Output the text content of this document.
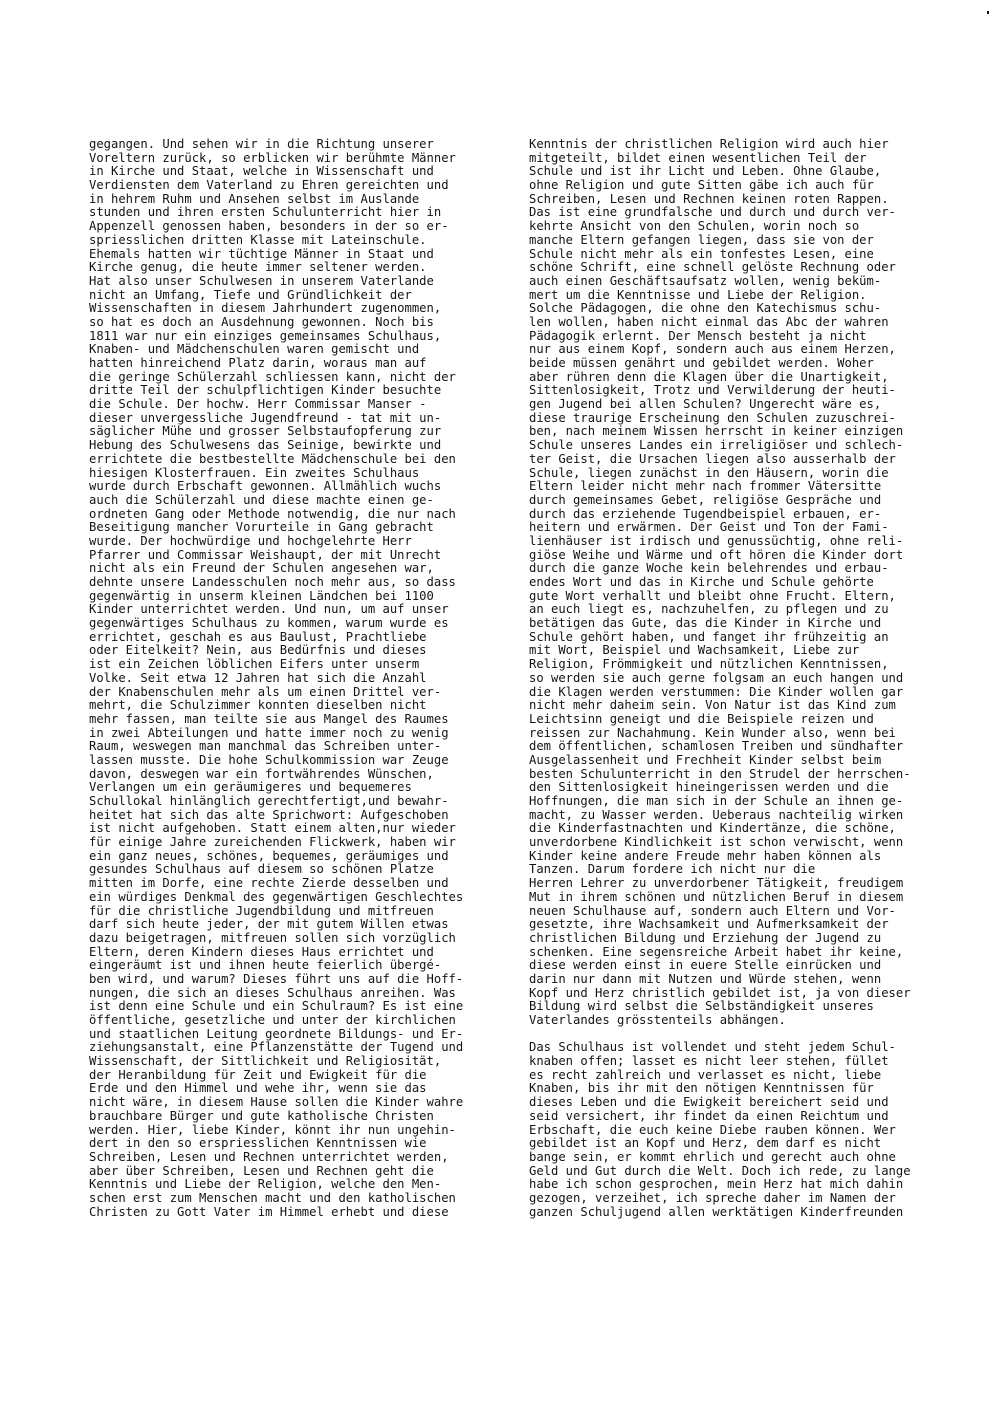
gegangen. Und sehen wir in die Richtung unserer
Voreltern zurück, so erblicken wir berühmte Männer
in Kirche und Staat, welche in Wissenschaft und
Verdiensten dem Vaterland zu Ehren gereichten und
in hehrem Ruhm und Ansehen selbst im Auslande
stunden und ihren ersten Schulunterricht hier in
Appenzell genossen haben, besonders in der so er-
spriesslichen dritten Klasse mit Lateinschule.
Ehemals hatten wir tüchtige Männer in Staat und
Kirche genug, die heute immer seltener werden.
Hat also unser Schulwesen in unserem Vaterlande
nicht an Umfang, Tiefe und Gründlichkeit der
Wissenschaften in diesem Jahrhundert zugenommen,
so hat es doch an Ausdehnung gewonnen. Noch bis
1811 war nur ein einziges gemeinsames Schulhaus,
Knaben- und Mädchenschulen waren gemischt und
hatten hinreichend Platz darin, woraus man auf
die geringe Schülerzahl schliessen kann, nicht der
dritte Teil der schulpflichtigen Kinder besuchte
die Schule. Der hochw. Herr Commissar Manser -
dieser unvergessliche Jugendfreund - tat mit un-
säglicher Mühe und grosser Selbstaufopferung zur
Hebung des Schulwesens das Seinige, bewirkte und
errichtete die bestbestellte Mädchenschule bei den
hiesigen Klosterfrauen. Ein zweites Schulhaus
wurde durch Erbschaft gewonnen. Allmählich wuchs
auch die Schülerzahl und diese machte einen ge-
ordneten Gang oder Methode notwendig, die nur nach
Beseitigung mancher Vorurteile in Gang gebracht
wurde. Der hochwürdige und hochgelehrte Herr
Pfarrer und Commissar Weishaupt, der mit Unrecht
nicht als ein Freund der Schulen angesehen war,
dehnte unsere Landesschulen noch mehr aus, so dass
gegenwärtig in unserm kleinen Ländchen bei 1100
Kinder unterrichtet werden. Und nun, um auf unser
gegenwärtiges Schulhaus zu kommen, warum wurde es
errichtet, geschah es aus Baulust, Prachtliebe
oder Eitelkeit? Nein, aus Bedürfnis und dieses
ist ein Zeichen löblichen Eifers unter unserm
Volke. Seit etwa 12 Jahren hat sich die Anzahl
der Knabenschulen mehr als um einen Drittel ver-
mehrt, die Schulzimmer konnten dieselben nicht
mehr fassen, man teilte sie aus Mangel des Raumes
in zwei Abteilungen und hatte immer noch zu wenig
Raum, weswegen man manchmal das Schreiben unter-
lassen musste. Die hohe Schulkommission war Zeuge
davon, deswegen war ein fortwährendes Wünschen,
Verlangen um ein geräumigeres und bequemeres
Schullokal hinlänglich gerechtfertigt,und bewahr-
heitet hat sich das alte Sprichwort: Aufgeschoben
ist nicht aufgehoben. Statt einem alten,nur wieder
für einige Jahre zureichenden Flickwerk, haben wir
ein ganz neues, schönes, bequemes, geräumiges und
gesundes Schulhaus auf diesem so schönen Platze
mitten im Dorfe, eine rechte Zierde desselben und
ein würdiges Denkmal des gegenwärtigen Geschlechtes
für die christliche Jugendbildung und mitfreuen
darf sich heute jeder, der mit gutem Willen etwas
dazu beigetragen, mitfreuen sollen sich vorzüglich
Eltern, deren Kindern dieses Haus errichtet und
eingeräumt ist und ihnen heute feierlich übergé-
ben wird, und warum? Dieses führt uns auf die Hoff-
nungen, die sich an dieses Schulhaus anreihen. Was
ist denn eine Schule und ein Schulraum? Es ist eine
öffentliche, gesetzliche und unter der kirchlichen
und staatlichen Leitung geordnete Bildungs- und Er-
ziehungsanstalt, eine Pflanzenstätte der Tugend und
Wissenschaft, der Sittlichkeit und Religiosität,
der Heranbildung für Zeit und Ewigkeit für die
Erde und den Himmel und wehe ihr, wenn sie das
nicht wäre, in diesem Hause sollen die Kinder wahre
brauchbare Bürger und gute katholische Christen
werden. Hier, liebe Kinder, könnt ihr nun ungehin-
dert in den so erspriesslichen Kenntnissen wie
Schreiben, Lesen und Rechnen unterrichtet werden,
aber über Schreiben, Lesen und Rechnen geht die
Kenntnis und Liebe der Religion, welche den Men-
schen erst zum Menschen macht und den katholischen
Christen zu Gott Vater im Himmel erhebt und diese
Kenntnis der christlichen Religion wird auch hier
mitgeteilt, bildet einen wesentlichen Teil der
Schule und ist ihr Licht und Leben. Ohne Glaube,
ohne Religion und gute Sitten gäbe ich auch für
Schreiben, Lesen und Rechnen keinen roten Rappen.
Das ist eine grundfalsche und durch und durch ver-
kehrte Ansicht von den Schulen, worin noch so
manche Eltern gefangen liegen, dass sie von der
Schule nicht mehr als ein tonfestes Lesen, eine
schöne Schrift, eine schnell gelöste Rechnung oder
auch einen Geschäftsaufsatz wollen, wenig beküm-
mert um die Kenntnisse und Liebe der Religion.
Solche Pädagogen, die ohne den Katechismus schu-
len wollen, haben nicht einmal das Abc der wahren
Pädagogik erlernt. Der Mensch besteht ja nicht
nur aus einem Kopf, sondern auch aus einem Herzen,
beide müssen genährt und gebildet werden. Woher
aber rühren denn die Klagen über die Unartigkeit,
Sittenlosigkeit, Trotz und Verwilderung der heuti-
gen Jugend bei allen Schulen? Ungerecht wäre es,
diese traurige Erscheinung den Schulen zuzuschrei-
ben, nach meinem Wissen herrscht in keiner einzigen
Schule unseres Landes ein irreligiöser und schlech-
ter Geist, die Ursachen liegen also ausserhalb der
Schule, liegen zunächst in den Häusern, worin die
Eltern leider nicht mehr nach frommer Vätersitte
durch gemeinsames Gebet, religiöse Gespräche und
durch das erziehende Tugendbeispiel erbauen, er-
heitern und erwärmen. Der Geist und Ton der Fami-
lienhäuser ist irdisch und genussüchtig, ohne reli-
giöse Weihe und Wärme und oft hören die Kinder dort
durch die ganze Woche kein belehrendes und erbau-
endes Wort und das in Kirche und Schule gehörte
gute Wort verhallt und bleibt ohne Frucht. Eltern,
an euch liegt es, nachzuhelfen, zu pflegen und zu
betätigen das Gute, das die Kinder in Kirche und
Schule gehört haben, und fanget ihr frühzeitig an
mit Wort, Beispiel und Wachsamkeit, Liebe zur
Religion, Frömmigkeit und nützlichen Kenntnissen,
so werden sie auch gerne folgsam an euch hangen und
die Klagen werden verstummen: Die Kinder wollen gar
nicht mehr daheim sein. Von Natur ist das Kind zum
Leichtsinn geneigt und die Beispiele reizen und
reissen zur Nachahmung. Kein Wunder also, wenn bei
dem öffentlichen, schamlosen Treiben und sündhafter
Ausgelassenheit und Frechheit Kinder selbst beim
besten Schulunterricht in den Strudel der herrschen-
den Sittenlosigkeit hineingerissen werden und die
Hoffnungen, die man sich in der Schule an ihnen ge-
macht, zu Wasser werden. Ueberaus nachteilig wirken
die Kinderfastnachten und Kindertänze, die schöne,
unverdorbene Kindlichkeit ist schon verwischt, wenn
Kinder keine andere Freude mehr haben können als
Tanzen. Darum fordere ich nicht nur die
Herren Lehrer zu unverdorbener Tätigkeit, freudigem
Mut in ihrem schönen und nützlichen Beruf in diesem
neuen Schulhause auf, sondern auch Eltern und Vor-
gesetzte, ihre Wachsamkeit und Aufmerksamkeit der
christlichen Bildung und Erziehung der Jugend zu
schenken. Eine segensreiche Arbeit habet ihr keine,
diese werden einst in euere Stelle einrücken und
darin nur dann mit Nutzen und Würde stehen, wenn
Kopf und Herz christlich gebildet ist, ja von dieser
Bildung wird selbst die Selbständigkeit unseres
Vaterlandes grösstenteils abhängen.
Das Schulhaus ist vollendet und steht jedem Schul-
knaben offen; lasset es nicht leer stehen, füllet
es recht zahlreich und verlasset es nicht, liebe
Knaben, bis ihr mit den nötigen Kenntnissen für
dieses Leben und die Ewigkeit bereichert seid und
seid versichert, ihr findet da einen Reichtum und
Erbschaft, die euch keine Diebe rauben können. Wer
gebildet ist an Kopf und Herz, dem darf es nicht
bange sein, er kommt ehrlich und gerecht auch ohne
Geld und Gut durch die Welt. Doch ich rede, zu lange
habe ich schon gesprochen, mein Herz hat mich dahin
gezogen, verzeihet, ich spreche daher im Namen der
ganzen Schuljugend allen werktätigen Kinderfreunden
